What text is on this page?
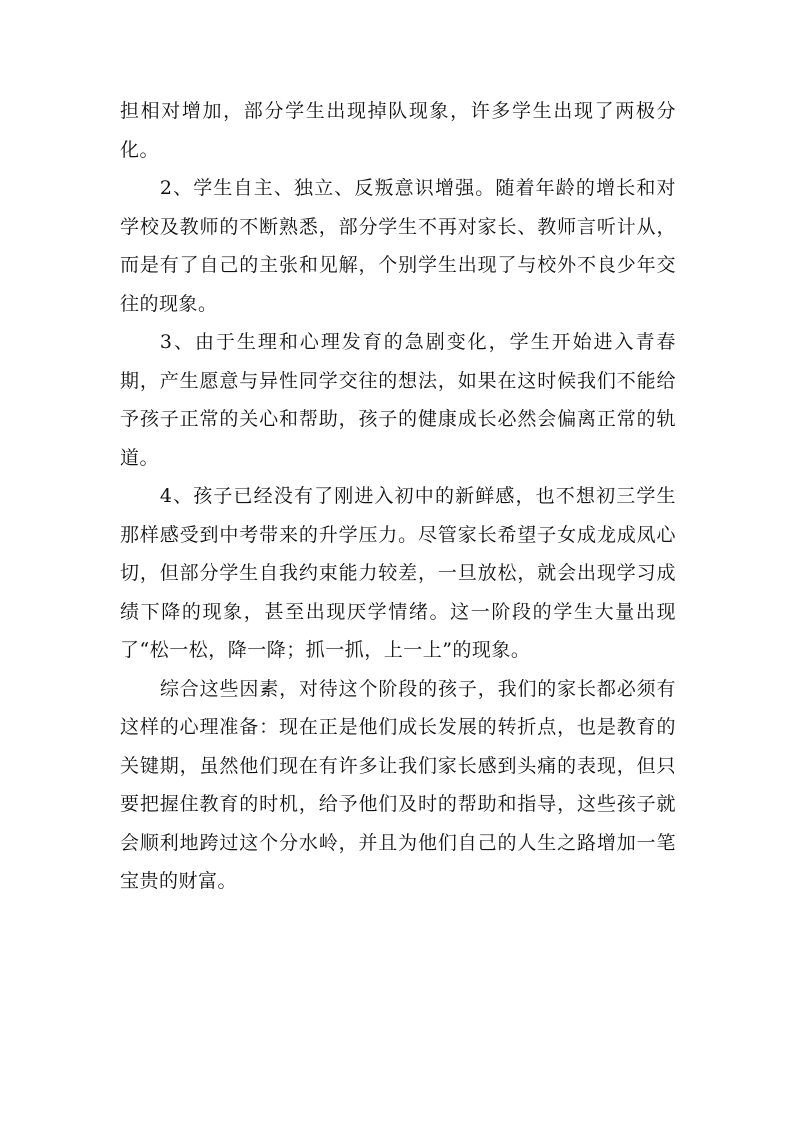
担相对增加，部分学生出现掉队现象，许多学生出现了两极分化。

2、学生自主、独立、反叛意识增强。随着年龄的增长和对学校及教师的不断熟悉，部分学生不再对家长、教师言听计从，而是有了自己的主张和见解，个别学生出现了与校外不良少年交往的现象。

3、由于生理和心理发育的急剧变化，学生开始进入青春期，产生愿意与异性同学交往的想法，如果在这时候我们不能给予孩子正常的关心和帮助，孩子的健康成长必然会偏离正常的轨道。

4、孩子已经没有了刚进入初中的新鲜感，也不想初三学生那样感受到中考带来的升学压力。尽管家长希望子女成龙成凤心切，但部分学生自我约束能力较差，一旦放松，就会出现学习成绩下降的现象，甚至出现厌学情绪。这一阶段的学生大量出现了“松一松，降一降；抓一抓，上一上”的现象。

综合这些因素，对待这个阶段的孩子，我们的家长都必须有这样的心理准备：现在正是他们成长发展的转折点，也是教育的关键期，虽然他们现在有许多让我们家长感到头痛的表现，但只要把握住教育的时机，给予他们及时的帮助和指导，这些孩子就会顺利地跨过这个分水岭，并且为他们自己的人生之路增加一笔宝贵的财富。
